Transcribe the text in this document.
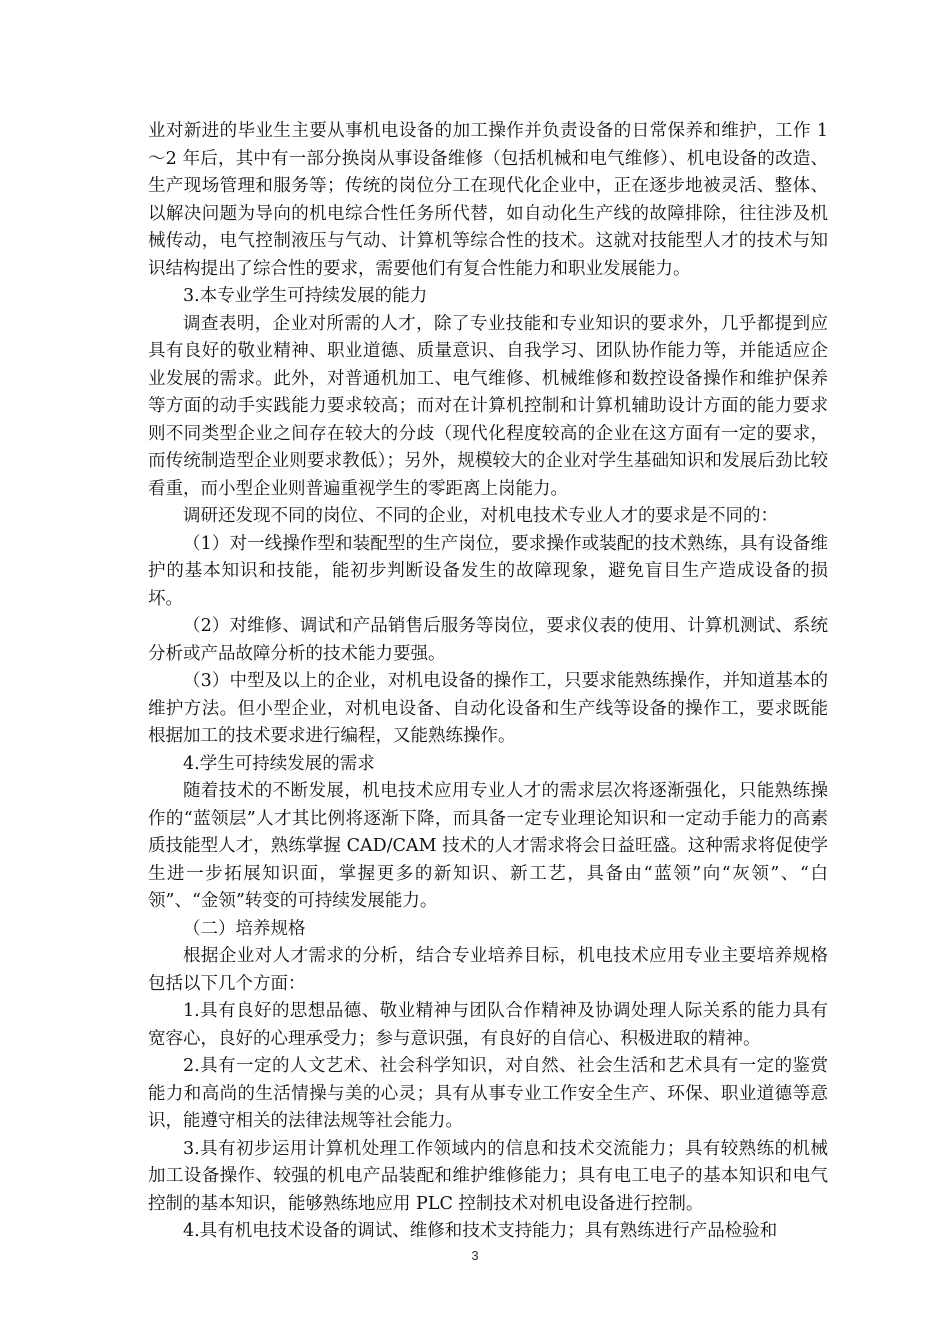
业对新进的毕业生主要从事机电设备的加工操作并负责设备的日常保养和维护，工作 1～2 年后，其中有一部分换岗从事设备维修（包括机械和电气维修）、机电设备的改造、生产现场管理和服务等；传统的岗位分工在现代化企业中，正在逐步地被灵活、整体、以解决问题为导向的机电综合性任务所代替，如自动化生产线的故障排除，往往涉及机械传动，电气控制液压与气动、计算机等综合性的技术。这就对技能型人才的技术与知识结构提出了综合性的要求，需要他们有复合性能力和职业发展能力。

3.本专业学生可持续发展的能力

调查表明，企业对所需的人才，除了专业技能和专业知识的要求外，几乎都提到应具有良好的敬业精神、职业道德、质量意识、自我学习、团队协作能力等，并能适应企业发展的需求。此外，对普通机加工、电气维修、机械维修和数控设备操作和维护保养等方面的动手实践能力要求较高；而对在计算机控制和计算机辅助设计方面的能力要求则不同类型企业之间存在较大的分歧（现代化程度较高的企业在这方面有一定的要求，而传统制造型企业则要求教低）；另外，规模较大的企业对学生基础知识和发展后劲比较看重，而小型企业则普遍重视学生的零距离上岗能力。

调研还发现不同的岗位、不同的企业，对机电技术专业人才的要求是不同的：

（1）对一线操作型和装配型的生产岗位，要求操作或装配的技术熟练，具有设备维护的基本知识和技能，能初步判断设备发生的故障现象，避免盲目生产造成设备的损坏。

（2）对维修、调试和产品销售后服务等岗位，要求仪表的使用、计算机测试、系统分析或产品故障分析的技术能力要强。

（3）中型及以上的企业，对机电设备的操作工，只要求能熟练操作，并知道基本的维护方法。但小型企业，对机电设备、自动化设备和生产线等设备的操作工，要求既能根据加工的技术要求进行编程，又能熟练操作。

4.学生可持续发展的需求

随着技术的不断发展，机电技术应用专业人才的需求层次将逐渐强化，只能熟练操作的“蓝领层”人才其比例将逐渐下降，而具备一定专业理论知识和一定动手能力的高素质技能型人才，熟练掌握 CAD/CAM 技术的人才需求将会日益旺盛。这种需求将促使学生进一步拓展知识面，掌握更多的新知识、新工艺，具备由“蓝领”向“灰领”、“白领”、“金领”转变的可持续发展能力。

（二）培养规格

根据企业对人才需求的分析，结合专业培养目标，机电技术应用专业主要培养规格包括以下几个方面：

1.具有良好的思想品德、敬业精神与团队合作精神及协调处理人际关系的能力具有宽容心，良好的心理承受力；参与意识强，有良好的自信心、积极进取的精神。

2.具有一定的人文艺术、社会科学知识，对自然、社会生活和艺术具有一定的鉴赏能力和高尚的生活情操与美的心灵；具有从事专业工作安全生产、环保、职业道德等意识，能遵守相关的法律法规等社会能力。

3.具有初步运用计算机处理工作领域内的信息和技术交流能力；具有较熟练的机械加工设备操作、较强的机电产品装配和维护维修能力；具有电工电子的基本知识和电气控制的基本知识，能够熟练地应用 PLC 控制技术对机电设备进行控制。

4.具有机电技术设备的调试、维修和技术支持能力；具有熟练进行产品检验和

3
